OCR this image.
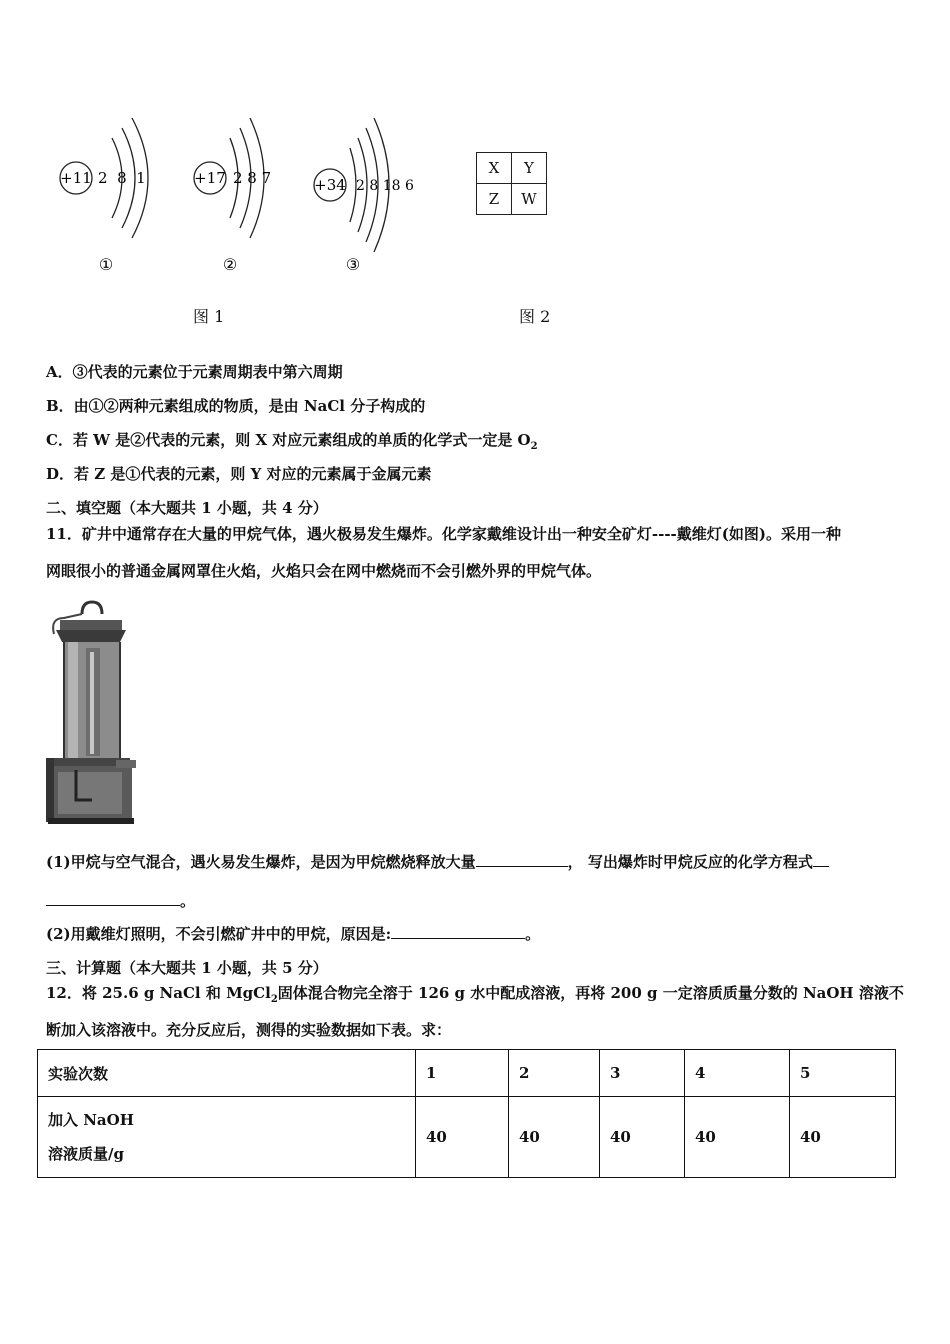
+11 2  8  1
①
+17 2 8 7
②
+34 2 8 18 6
③
X	Y
Z	W
图 1	图 2
A．③代表的元素位于元素周期表中第六周期
B．由①②两种元素组成的物质，是由 NaCl 分子构成的
C．若 W 是②代表的元素，则 X 对应元素组成的单质的化学式一定是 $O_2$
D．若 Z 是①代表的元素，则 Y 对应的元素属于金属元素
二、填空题（本大题共 1 小题，共 4 分）
11．矿井中通常存在大量的甲烷气体，遇火极易发生爆炸。化学家戴维设计出一种安全矿灯----戴维灯(如图)。采用一种
网眼很小的普通金属网罩住火焰，火焰只会在网中燃烧而不会引燃外界的甲烷气体。
(1)甲烷与空气混合，遇火易发生爆炸，是因为甲烷燃烧释放大量	， 写出爆炸时甲烷反应的化学方程式
。
(2)用戴维灯照明，不会引燃矿井中的甲烷，原因是:	。
三、计算题（本大题共 1 小题，共 5 分）
12．将 25.6 g NaCl 和 MgCl$_2$固体混合物完全溶于 126 g 水中配成溶液，再将 200 g 一定溶质质量分数的 NaOH 溶液不
断加入该溶液中。充分反应后，测得的实验数据如下表。求：
实验次数	1	2	3	4	5

加入 NaOH
溶液质量/g	40	40	40	40	40
